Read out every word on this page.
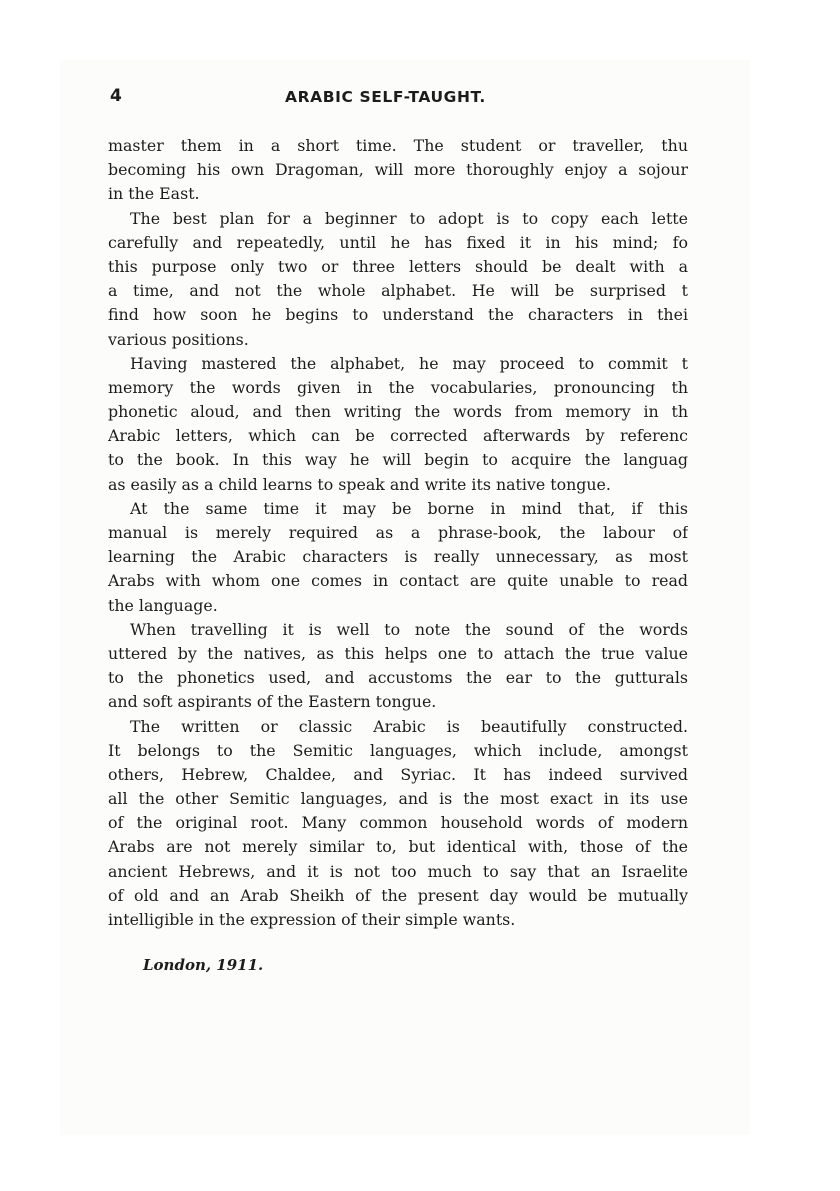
4	ARABIC SELF-TAUGHT.
master them in a short time. The student or traveller, thu
becoming his own Dragoman, will more thoroughly enjoy a sojour
in the East.
The best plan for a beginner to adopt is to copy each lette
carefully and repeatedly, until he has fixed it in his mind; fo
this purpose only two or three letters should be dealt with a
a time, and not the whole alphabet. He will be surprised t
find how soon he begins to understand the characters in thei
various positions.
Having mastered the alphabet, he may proceed to commit t
memory the words given in the vocabularies, pronouncing th
phonetic aloud, and then writing the words from memory in th
Arabic letters, which can be corrected afterwards by referenc
to the book. In this way he will begin to acquire the languag
as easily as a child learns to speak and write its native tongue.
At the same time it may be borne in mind that, if this
manual is merely required as a phrase-book, the labour of
learning the Arabic characters is really unnecessary, as most
Arabs with whom one comes in contact are quite unable to read
the language.
When travelling it is well to note the sound of the words
uttered by the natives, as this helps one to attach the true value
to the phonetics used, and accustoms the ear to the gutturals
and soft aspirants of the Eastern tongue.
The written or classic Arabic is beautifully constructed.
It belongs to the Semitic languages, which include, amongst
others, Hebrew, Chaldee, and Syriac. It has indeed survived
all the other Semitic languages, and is the most exact in its use
of the original root. Many common household words of modern
Arabs are not merely similar to, but identical with, those of the
ancient Hebrews, and it is not too much to say that an Israelite
of old and an Arab Sheikh of the present day would be mutually
intelligible in the expression of their simple wants.
London, 1911.
